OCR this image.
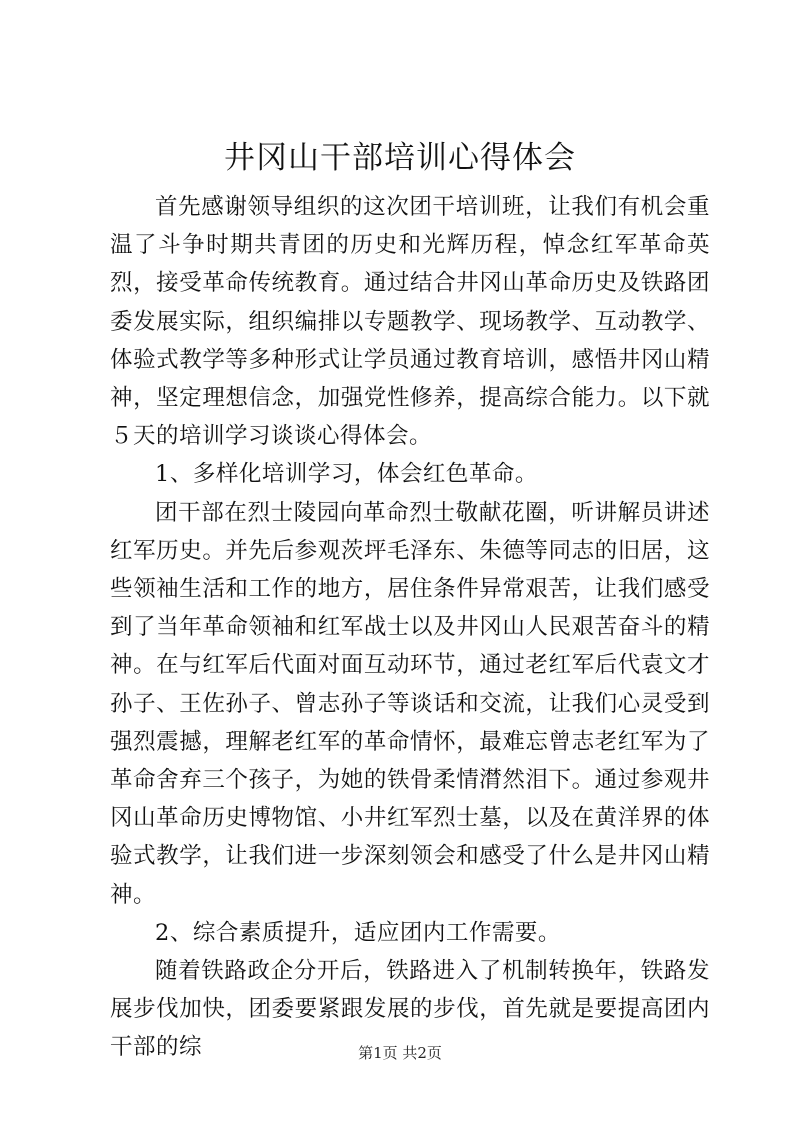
井冈山干部培训心得体会

首先感谢领导组织的这次团干培训班，让我们有机会重温了斗争时期共青团的历史和光辉历程，悼念红军革命英烈，接受革命传统教育。通过结合井冈山革命历史及铁路团委发展实际，组织编排以专题教学、现场教学、互动教学、体验式教学等多种形式让学员通过教育培训，感悟井冈山精神，坚定理想信念，加强党性修养，提高综合能力。以下就５天的培训学习谈谈心得体会。

1、多样化培训学习，体会红色革命。

团干部在烈士陵园向革命烈士敬献花圈，听讲解员讲述红军历史。并先后参观茨坪毛泽东、朱德等同志的旧居，这些领袖生活和工作的地方，居住条件异常艰苦，让我们感受到了当年革命领袖和红军战士以及井冈山人民艰苦奋斗的精神。在与红军后代面对面互动环节，通过老红军后代袁文才孙子、王佐孙子、曾志孙子等谈话和交流，让我们心灵受到强烈震撼，理解老红军的革命情怀，最难忘曾志老红军为了革命舍弃三个孩子，为她的铁骨柔情潸然泪下。通过参观井冈山革命历史博物馆、小井红军烈士墓，以及在黄洋界的体验式教学，让我们进一步深刻领会和感受了什么是井冈山精神。

2、综合素质提升，适应团内工作需要。

随着铁路政企分开后，铁路进入了机制转换年，铁路发展步伐加快，团委要紧跟发展的步伐，首先就是要提高团内干部的综	第1页 共2页
